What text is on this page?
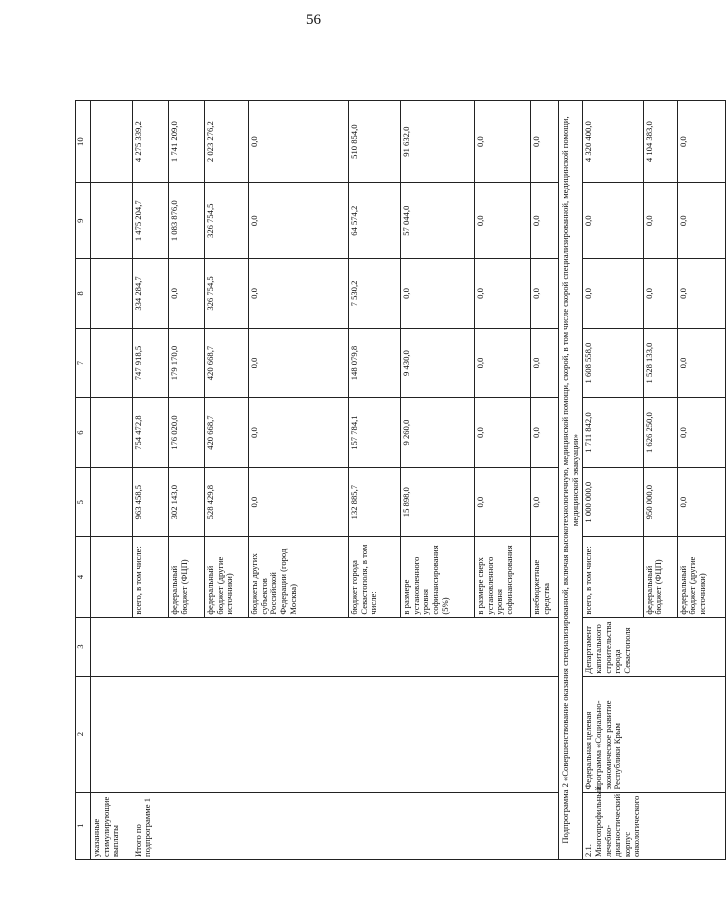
56
1	2	3	4	5	6	7	8	9	10
указанные стимулирующие выплаты									
Итого по подпрограмме 1			всего, в том числе:	963 458,5	754 472,8	747 918,5	334 284,7	1 475 204,7	4 275 339,2
			федеральный бюджет (ФЦП)	302 143,0	176 020,0	179 170,0	0,0	1 083 876,0	1 741 209,0
			федеральный бюджет (другие источники)	528 429,8	420 668,7	420 668,7	326 754,5	326 754,5	2 023 276,2
			бюджеты других субъектов Российской Федерации (город Москва)	0,0	0,0	0,0	0,0	0,0	0,0
			бюджет города Севастополя, в том числе:	132 885,7	157 784,1	148 079,8	7 530,2	64 574,2	510 854,0
			в размере установленного уровня софинансирования (5%)	15 898,0	9 260,0	9 430,0	0,0	57 044,0	91 632,0
			в размере сверх установленного уровня софинансирования	0,0	0,0	0,0	0,0	0,0	0,0
			внебюджетные средства	0,0	0,0	0,0	0,0	0,0	0,0
Подпрограмма 2 «Совершенствование оказания специализированной, включая высокотехнологичную, медицинской помощи, скорой, в том числе скорой специализированной, медицинской помощи, медицинской эвакуации»									
2.1. Многопрофильный лечебно-диагностический корпус онкологического	Федеральная целевая программа «Социально-экономическое развитие Республики Крым	Департамент капитального строительства города Севастополя	всего, в том числе:	1 000 000,0	1 711 842,0	1 608 558,0	0,0	0,0	4 320 400,0
			федеральный бюджет (ФЦП)	950 000,0	1 626 250,0	1 528 133,0	0,0	0,0	4 104 383,0
			федеральный бюджет (другие источники)	0,0	0,0	0,0	0,0	0,0	0,0
